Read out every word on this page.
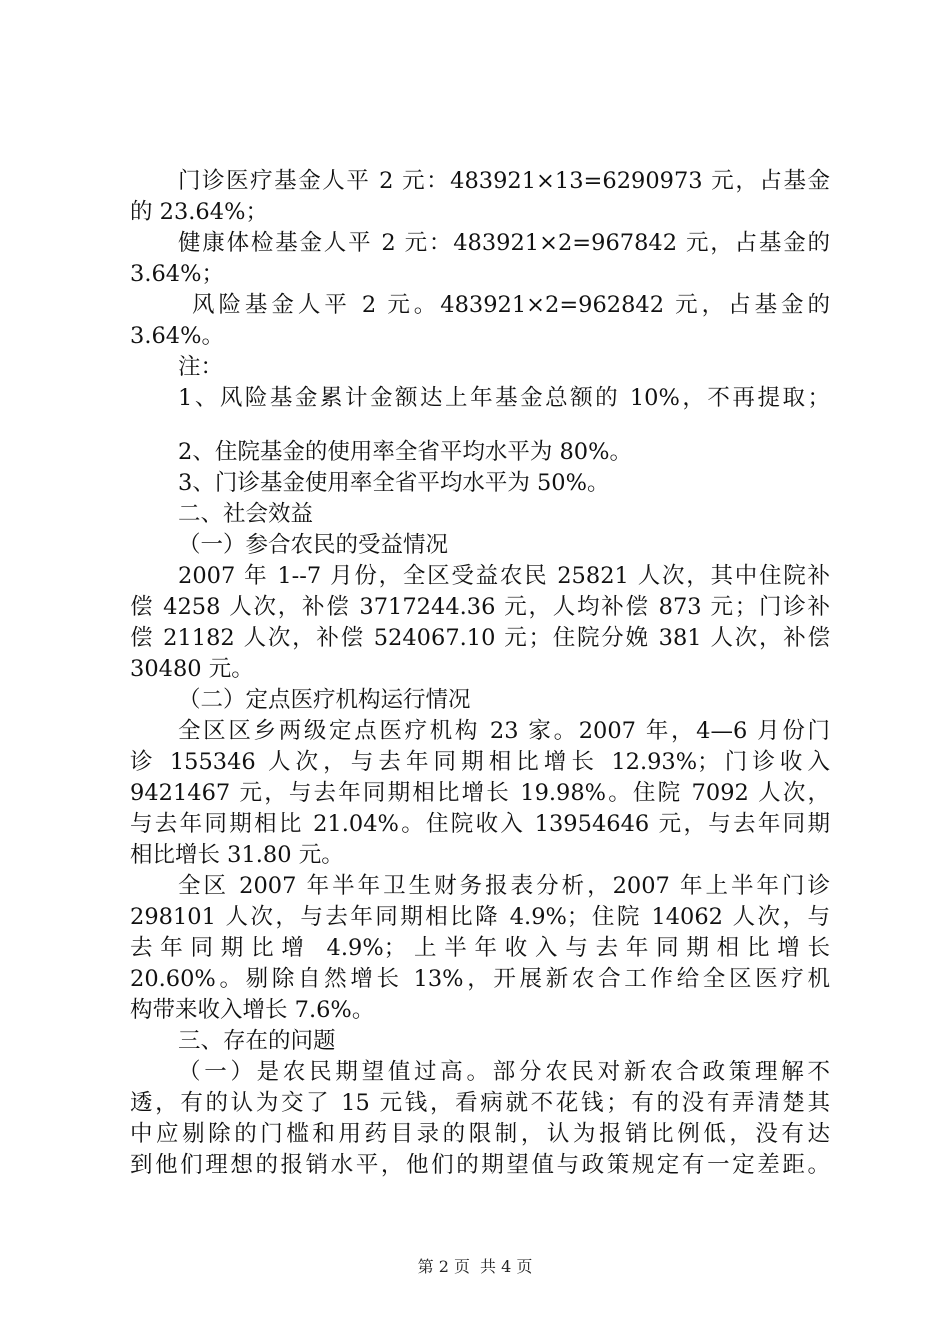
门诊医疗基金人平 2 元：483921×13=6290973 元，占基金
的 23.64%；
健康体检基金人平 2 元：483921×2=967842 元，占基金的
3.64%；
风险基金人平 2 元。483921×2=962842 元，占基金的
3.64%。
注：
1、风险基金累计金额达上年基金总额的 10%，不再提取；
2、住院基金的使用率全省平均水平为 80%。
3、门诊基金使用率全省平均水平为 50%。
二、社会效益
（一）参合农民的受益情况
2007 年 1--7 月份，全区受益农民 25821 人次，其中住院补
偿 4258 人次，补偿 3717244.36 元，人均补偿 873 元；门诊补
偿 21182 人次，补偿 524067.10 元；住院分娩 381 人次，补偿
30480 元。
（二）定点医疗机构运行情况
全区区乡两级定点医疗机构 23 家。2007 年，4—6 月份门
诊 155346 人次，与去年同期相比增长 12.93%；门诊收入
9421467 元，与去年同期相比增长 19.98%。住院 7092 人次，
与去年同期相比 21.04%。住院收入 13954646 元，与去年同期
相比增长 31.80 元。
全区 2007 年半年卫生财务报表分析，2007 年上半年门诊
298101 人次，与去年同期相比降 4.9%；住院 14062 人次，与
去年同期比增 4.9%；上半年收入与去年同期相比增长
20.60%。剔除自然增长 13%，开展新农合工作给全区医疗机
构带来收入增长 7.6%。
三、存在的问题
（一）是农民期望值过高。部分农民对新农合政策理解不
透，有的认为交了 15 元钱，看病就不花钱；有的没有弄清楚其
中应剔除的门槛和用药目录的限制，认为报销比例低，没有达
到他们理想的报销水平，他们的期望值与政策规定有一定差距。
第 2 页 共 4 页
